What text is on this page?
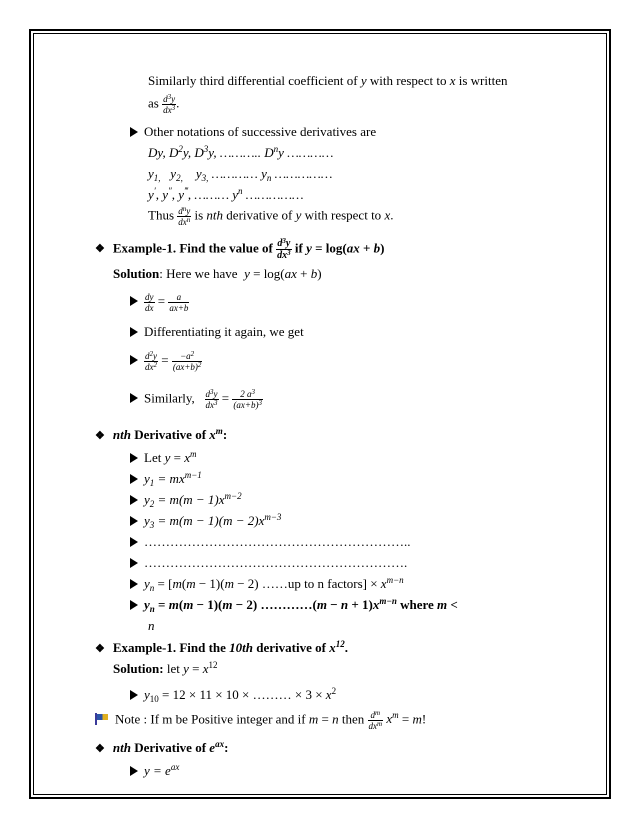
Similarly third differential coefficient of y with respect to x is written
as $\frac{d^3y}{dx^3}$ .
Other notations of successive derivatives are
Dy, $D^2y$, $D^3y$, ……….. $D^ny$ …………
$y_{1,}$   $y_{2,}$    $y_{3,}$ ………… $y_n$ ……………
y′, y″, y‴, ……… $y^n$ ……………
Thus $\frac{d^ny}{dx^n}$ is nth derivative of y with respect to x.
❖ Example-1. Find the value of $\frac{d^3y}{dx^3}$ if y = log(ax + b)
Solution: Here we have  y = log(ax + b)
$\frac{dy}{dx} = \frac{a}{ax+b}$
Differentiating it again, we get
$\frac{d^2y}{dx^2} = \frac{-a^2}{(ax+b)^2}$
Similarly, $\frac{d^3y}{dx^3} = \frac{2 a^3}{(ax+b)^3}$
❖ nth Derivative of $x^m$:
Let $y = x^m$
$y_1 = mx^{m-1}$
$y_2 = m(m - 1)x^{m-2}$
$y_3 = m(m - 1)(m - 2)x^{m-3}$
……………………………………………………..
…………………………………………………….
$y_n = [m(m - 1)(m - 2)$ ……up to n factors] × $x^{m-n}$
$y_n = m(m - 1)(m - 2)$ …………(m − $n + 1)x^{m-n}$ where m <
n
❖ Example-1. Find the 10th derivative of $x^{12}$.
Solution: let $y = x^{12}$
$y_{10} = 12 \times 11 \times 10$ × ……… × $3 \times x^2$
Note : If m be Positive integer and if m = n then $\frac{d^m}{dx^m} x^m = m$!
❖ nth Derivative of $e^{ax}$:
$y = e^{ax}$
